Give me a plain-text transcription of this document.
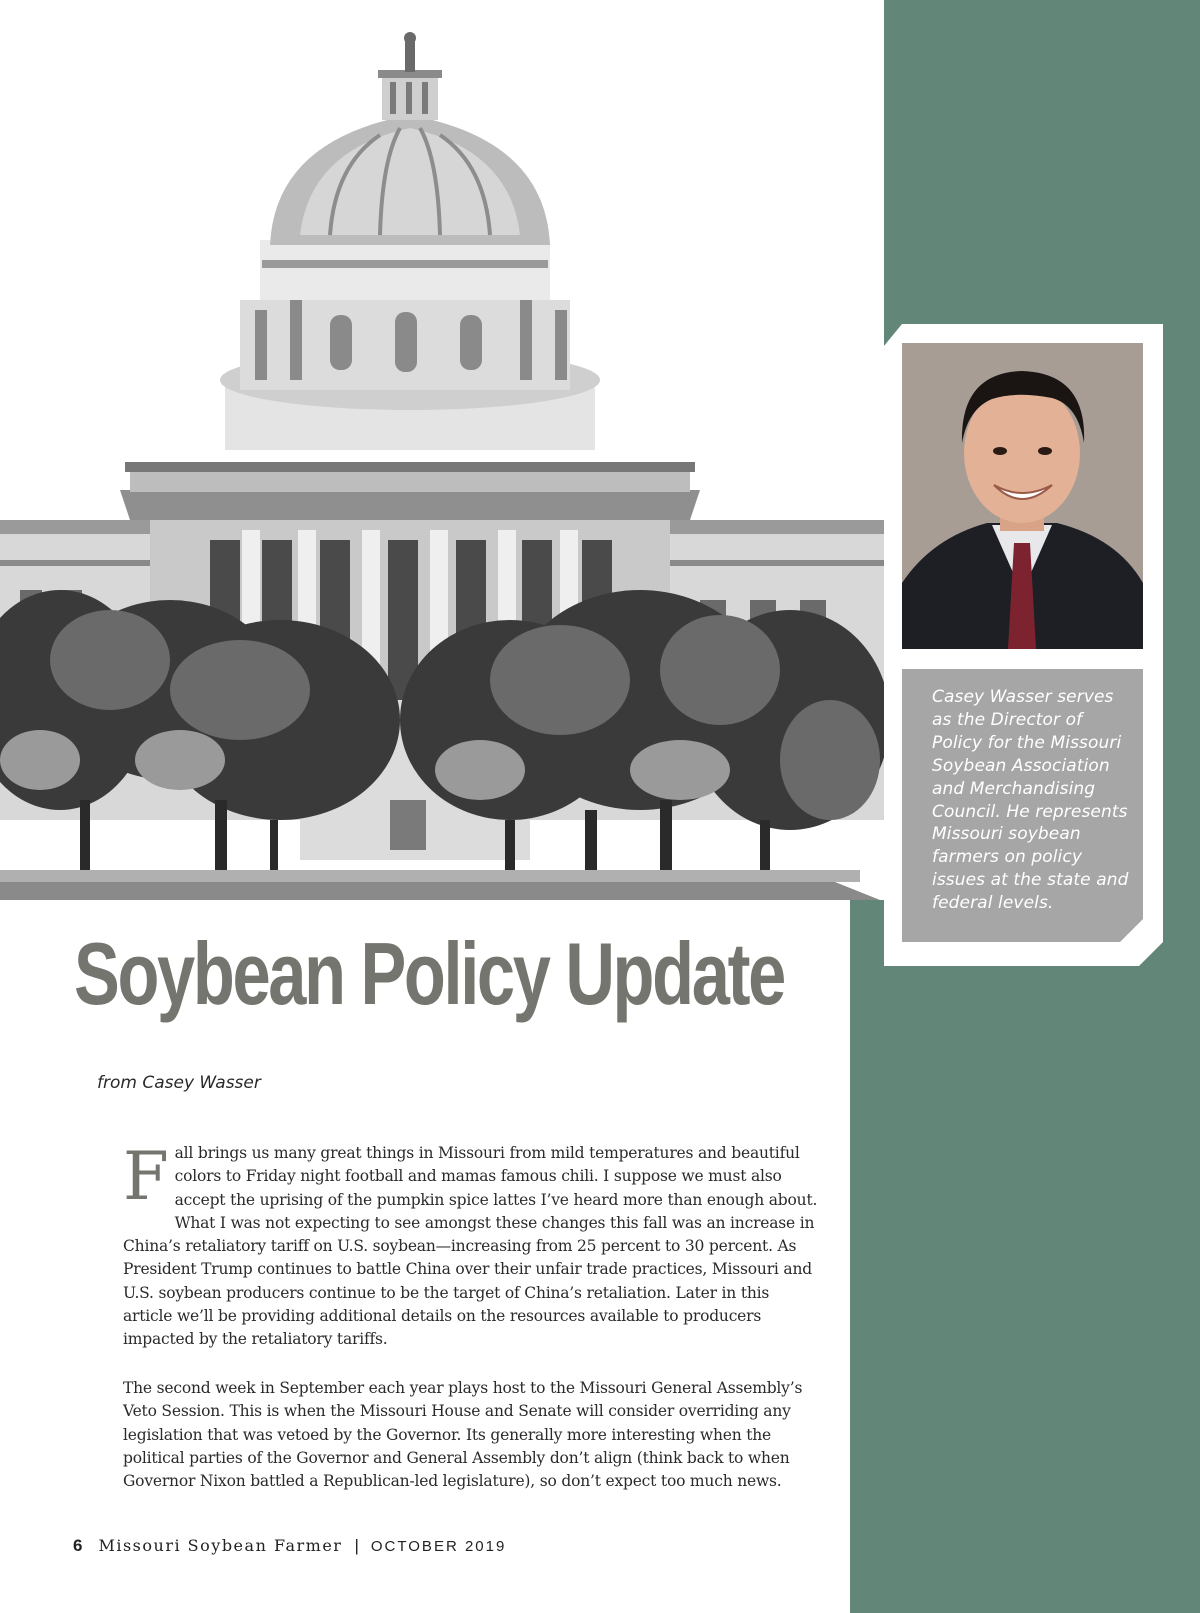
Casey Wasser serves as the Director of Policy for the Missouri Soybean Association and Merchandising Council. He represents Missouri soybean farmers on policy issues at the state and federal levels.
Soybean Policy Update
from Casey Wasser
Fall brings us many great things in Missouri from mild temperatures and beautiful colors to Friday night football and mamas famous chili. I suppose we must also accept the uprising of the pumpkin spice lattes I’ve heard more than enough about. What I was not expecting to see amongst these changes this fall was an increase in China’s retaliatory tariff on U.S. soybean—increasing from 25 percent to 30 percent. As President Trump continues to battle China over their unfair trade practices, Missouri and U.S. soybean producers continue to be the target of China’s retaliation. Later in this article we’ll be providing additional details on the resources available to producers impacted by the retaliatory tariffs.
The second week in September each year plays host to the Missouri General Assembly’s Veto Session. This is when the Missouri House and Senate will consider overriding any legislation that was vetoed by the Governor. Its generally more interesting when the political parties of the Governor and General Assembly don’t align (think back to when Governor Nixon battled a Republican-led legislature), so don’t expect too much news.
6 Missouri Soybean Farmer | OCTOBER 2019
